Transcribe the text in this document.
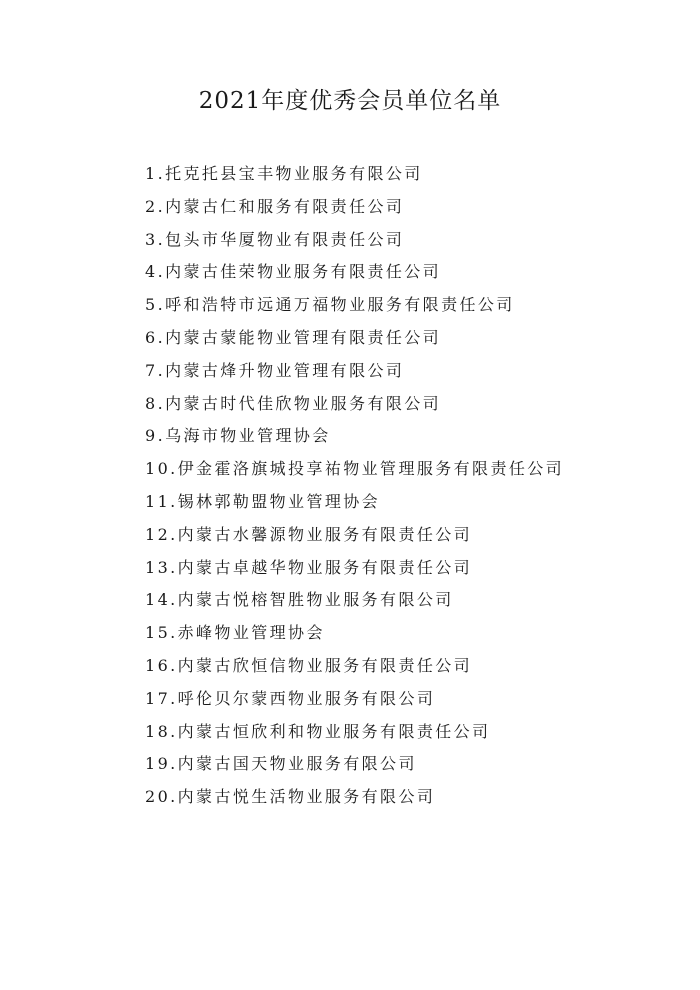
2021年度优秀会员单位名单
1.托克托县宝丰物业服务有限公司
2.内蒙古仁和服务有限责任公司
3.包头市华厦物业有限责任公司
4.内蒙古佳荣物业服务有限责任公司
5.呼和浩特市远通万福物业服务有限责任公司
6.内蒙古蒙能物业管理有限责任公司
7.内蒙古烽升物业管理有限公司
8.内蒙古时代佳欣物业服务有限公司
9.乌海市物业管理协会
10.伊金霍洛旗城投享祐物业管理服务有限责任公司
11.锡林郭勒盟物业管理协会
12.内蒙古水馨源物业服务有限责任公司
13.内蒙古卓越华物业服务有限责任公司
14.内蒙古悦榕智胜物业服务有限公司
15.赤峰物业管理协会
16.内蒙古欣恒信物业服务有限责任公司
17.呼伦贝尔蒙西物业服务有限公司
18.内蒙古恒欣利和物业服务有限责任公司
19.内蒙古国天物业服务有限公司
20.内蒙古悦生活物业服务有限公司
